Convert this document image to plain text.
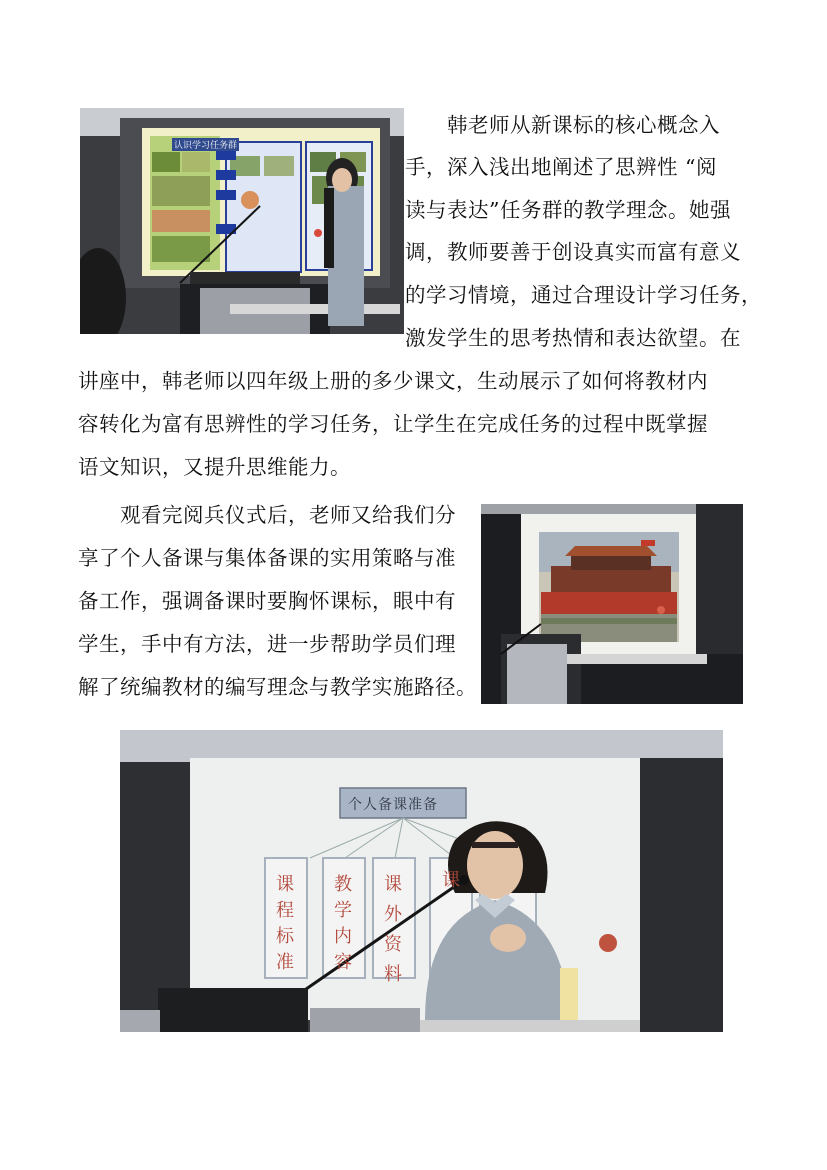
认识学习任务群
韩老师从新课标的核心概念入
手，深入浅出地阐述了思辨性 “阅
读与表达”任务群的教学理念。她强
调，教师要善于创设真实而富有意义
的学习情境，通过合理设计学习任务，
激发学生的思考热情和表达欲望。在
讲座中，韩老师以四年级上册的多少课文，生动展示了如何将教材内
容转化为富有思辨性的学习任务，让学生在完成任务的过程中既掌握
语文知识，又提升思维能力。
观看完阅兵仪式后，老师又给我们分
享了个人备课与集体备课的实用策略与准
备工作，强调备课时要胸怀课标，眼中有
学生，手中有方法，进一步帮助学员们理
解了统编教材的编写理念与教学实施路径。
个人备课准备
课程标准
教学内容
课外资料
课
